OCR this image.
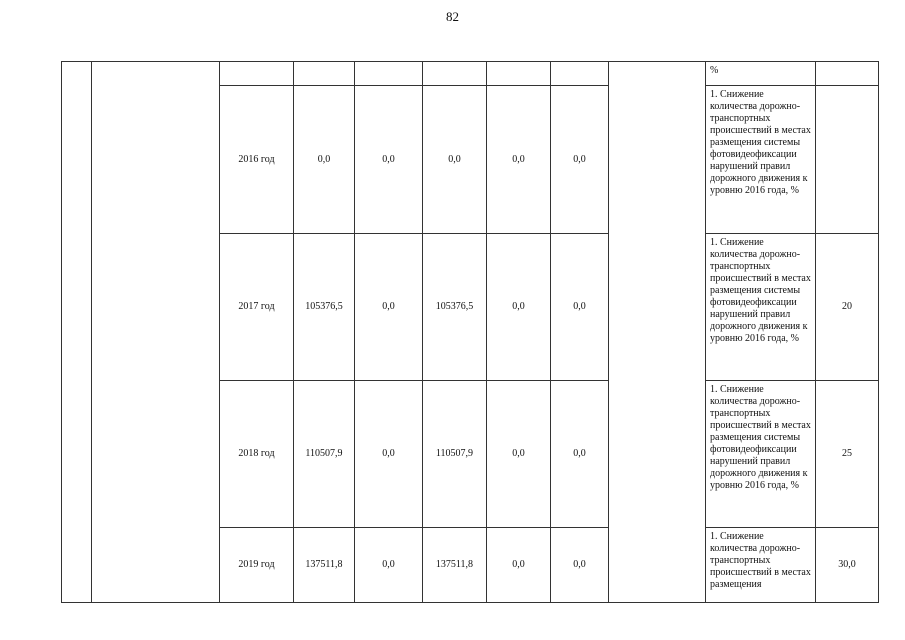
82
									%	
		2016 год	0,0	0,0	0,0	0,0	0,0		1. Снижение количества дорожно-транспортных происшествий в местах размещения системы фотовидеофиксации нарушений правил дорожного движения к уровню 2016 года, %	
		2017 год	105376,5	0,0	105376,5	0,0	0,0		1. Снижение количества дорожно-транспортных происшествий в местах размещения системы фотовидеофиксации нарушений правил дорожного движения к уровню 2016 года, %	20
		2018 год	110507,9	0,0	110507,9	0,0	0,0		1. Снижение количества дорожно-транспортных происшествий в местах размещения системы фотовидеофиксации нарушений правил дорожного движения к уровню 2016 года, %	25
		2019 год	137511,8	0,0	137511,8	0,0	0,0		1. Снижение количества дорожно-транспортных происшествий в местах размещения	30,0
